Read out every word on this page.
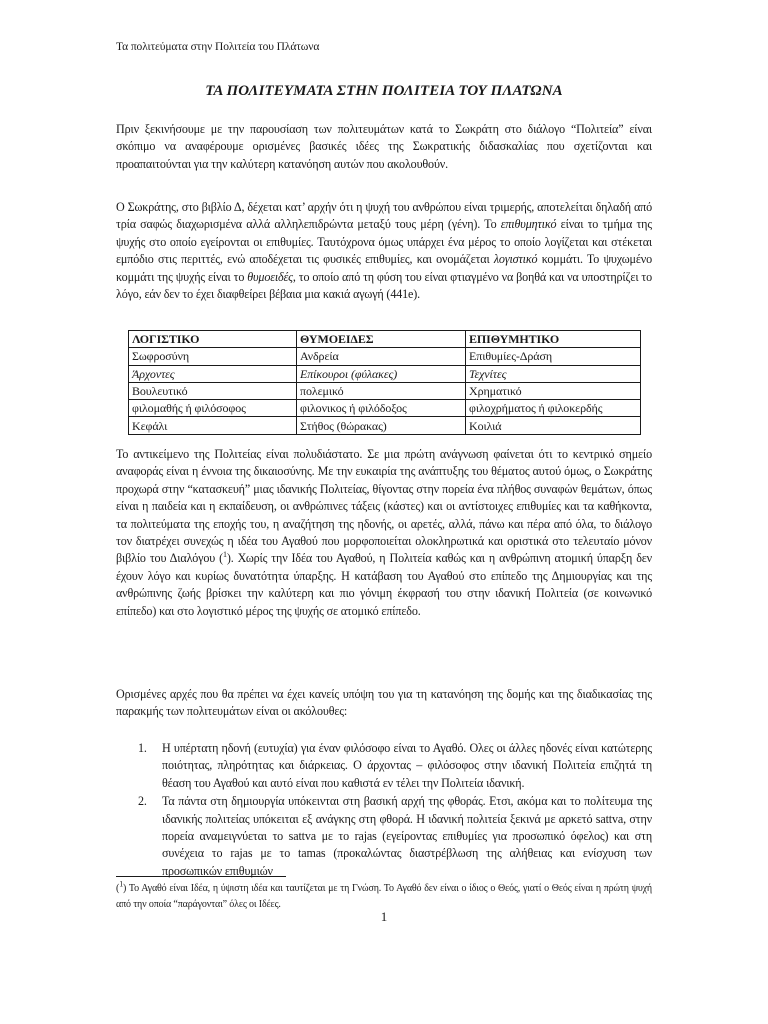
Τα πολιτεύματα στην Πολιτεία του Πλάτωνα
ΤΑ ΠΟΛΙΤΕΥΜΑΤΑ ΣΤΗΝ ΠΟΛΙΤΕΙΑ ΤΟΥ ΠΛΑΤΩΝΑ

Πριν ξεκινήσουμε με την παρουσίαση των πολιτευμάτων κατά το Σωκράτη στο διάλογο “Πολιτεία” είναι σκόπιμο να αναφέρουμε ορισμένες βασικές ιδέες της Σωκρατικής διδασκαλίας που σχετίζονται και προαπαιτούνται για την καλύτερη κατανόηση αυτών που ακολουθούν.

Ο Σωκράτης, στο βιβλίο Δ, δέχεται κατ’ αρχήν ότι η ψυχή του ανθρώπου είναι τριμερής, αποτελείται δηλαδή από τρία σαφώς διαχωρισμένα αλλά αλληλεπιδρώντα μεταξύ τους μέρη (γένη). Το επιθυμητικό είναι το τμήμα της ψυχής στο οποίο εγείρονται οι επιθυμίες. Ταυτόχρονα όμως υπάρχει ένα μέρος το οποίο λογίζεται και στέκεται εμπόδιο στις περιττές, ενώ αποδέχεται τις φυσικές επιθυμίες, και ονομάζεται λογιστικό κομμάτι. Το ψυχωμένο κομμάτι της ψυχής είναι το θυμοειδές, το οποίο από τη φύση του είναι φτιαγμένο να βοηθά και να υποστηρίζει το λόγο, εάν δεν το έχει διαφθείρει βέβαια μια κακιά αγωγή (441e).

ΛΟΓΙΣΤΙΚΟ	ΘΥΜΟΕΙΔΕΣ	ΕΠΙΘΥΜΗΤΙΚΟ
Σωφροσύνη	Ανδρεία	Επιθυμίες-Δράση
Άρχοντες	Επίκουροι (φύλακες)	Τεχνίτες
Βουλευτικό	πολεμικό	Χρηματικό
φιλομαθής ή φιλόσοφος	φιλονικος ή φιλόδοξος	φιλοχρήματος ή φιλοκερδής
Κεφάλι	Στήθος (θώρακας)	Κοιλιά

Το αντικείμενο της Πολιτείας είναι πολυδιάστατο. Σε μια πρώτη ανάγνωση φαίνεται ότι το κεντρικό σημείο αναφοράς είναι η έννοια της δικαιοσύνης. Με την ευκαιρία της ανάπτυξης του θέματος αυτού όμως, ο Σωκράτης προχωρά στην “κατασκευή” μιας ιδανικής Πολιτείας, θίγοντας στην πορεία ένα πλήθος συναφών θεμάτων, όπως είναι η παιδεία και η εκπαίδευση, οι ανθρώπινες τάξεις (κάστες) και οι αντίστοιχες επιθυμίες και τα καθήκοντα, τα πολιτεύματα της εποχής του, η αναζήτηση της ηδονής, οι αρετές, αλλά, πάνω και πέρα από όλα, το διάλογο τον διατρέχει συνεχώς η ιδέα του Αγαθού που μορφοποιείται ολοκληρωτικά και οριστικά στο τελευταίο μόνον βιβλίο του Διαλόγου ($^1$). Χωρίς την Ιδέα του Αγαθού, η Πολιτεία καθώς και η ανθρώπινη ατομική ύπαρξη δεν έχουν λόγο και κυρίως δυνατότητα ύπαρξης. Η κατάβαση του Αγαθού στο επίπεδο της Δημιουργίας και της ανθρώπινης ζωής βρίσκει την καλύτερη και πιο γόνιμη έκφρασή του στην ιδανική Πολιτεία (σε κοινωνικό επίπεδο) και στο λογιστικό μέρος της ψυχής σε ατομικό επίπεδο.

Ορισμένες αρχές που θα πρέπει να έχει κανείς υπόψη του για τη κατανόηση της δομής και της διαδικασίας της παρακμής των πολιτευμάτων είναι οι ακόλουθες:

1. Η υπέρτατη ηδονή (ευτυχία) για έναν φιλόσοφο είναι το Αγαθό. Ολες οι άλλες ηδονές είναι κατώτερης ποιότητας, πληρότητας και διάρκειας. Ο άρχοντας – φιλόσοφος στην ιδανική Πολιτεία επιζητά τη θέαση του Αγαθού και αυτό είναι που καθιστά εν τέλει την Πολιτεία ιδανική.
2. Τα πάντα στη δημιουργία υπόκεινται στη βασική αρχή της φθοράς. Ετσι, ακόμα και το πολίτευμα της ιδανικής πολιτείας υπόκειται εξ ανάγκης στη φθορά. Η ιδανική πολιτεία ξεκινά με αρκετό sattva, στην πορεία αναμειγνύεται το sattva με το rajas (εγείροντας επιθυμίες για προσωπικό όφελος) και στη συνέχεια το rajas με το tamas (προκαλώντας διαστρέβλωση της αλήθειας και ενίσχυση των προσωπικών επιθυμιών
($^1$) Το Αγαθό είναι Ιδέα, η ύψιστη ιδέα και ταυτίζεται με τη Γνώση. Το Αγαθό δεν είναι ο ίδιος ο Θεός, γιατί ο Θεός είναι η πρώτη ψυχή από την οποία “παράγονται” όλες οι Ιδέες.
1
